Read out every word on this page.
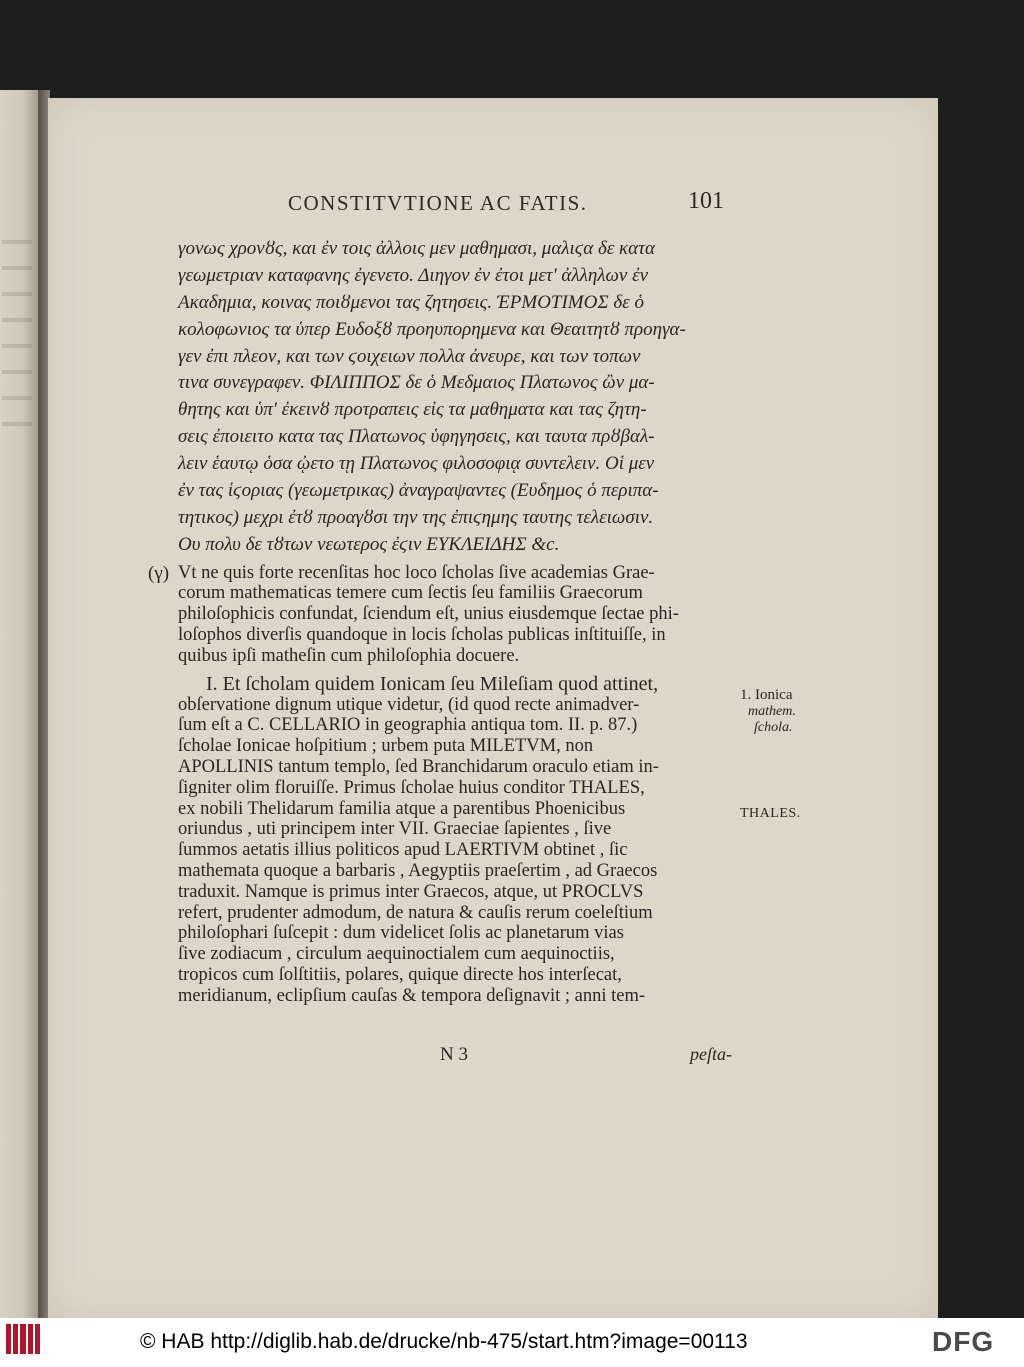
CONSTITVTIONE AC FATIS.	101
γονως χρονȣς, και ἐν τοις ἀλλοις μεν μαθημασι, μαλιϛα δε κατα
γεωμετριαν καταφανης ἐγενετο. Διηγον ἐν ἐτοι μετ' ἀλληλων ἐν
Ακαδημια, κοινας ποιȣμενοι τας ζητησεις. ΈΡΜΟΤΙΜΟΣ δε ὁ
κολοφωνιος τα ὑπερ Ευδοξȣ προηυπορημενα και Θεαιτητȣ προηγα-
γεν ἐπι πλεον, και των ϛοιχειων πολλα ἀνευρε, και των τοπων
τινα συνεγραφεν. ΦΙΛΙΠΠΟΣ δε ὁ Μεδμαιος Πλατωνος ὢν μα-
θητης και ὑπ' ἐκεινȣ προτραπεις εἰς τα μαθηματα και τας ζητη-
σεις ἐποιειτο κατα τας Πλατωνος ὑφηγησεις, και ταυτα πρȣβαλ-
λειν ἑαυτῳ ὁσα ᾠετο τῃ Πλατωνος φιλοσοφιᾳ συντελειν. Οἱ μεν
ἐν τας ἱϛοριας (γεωμετρικας) ἀναγραψαντες (Ευδημος ὁ περιπα-
τητικος) μεχρι ἐτȣ προαγȣσι την της ἐπιϛημης ταυτης τελειωσιν.
Ου πολυ δε τȣτων νεωτερος ἐϛιν ΕΥΚΛΕΙΔΗΣ &c.
(γ) Vt ne quis forte recenſitas hoc loco ſcholas ſive academias Grae-
corum mathematicas temere cum ſectis ſeu familiis Graecorum
philoſophicis confundat, ſciendum eſt, unius eiusdemque ſectae phi-
loſophos diverſis quandoque in locis ſcholas publicas inſtituiſſe, in
quibus ipſi matheſin cum philoſophia docuere.
I. Et ſcholam quidem Ionicam ſeu Mileſiam quod attinet,
obſervatione dignum utique videtur, (id quod recte animadver-
ſum eſt a C. CELLARIO in geographia antiqua tom. II. p. 87.)
ſcholae Ionicae hoſpitium ; urbem puta MILETVM, non
APOLLINIS tantum templo, ſed Branchidarum oraculo etiam in-
ſigniter olim floruiſſe. Primus ſcholae huius conditor THALES,
ex nobili Thelidarum familia atque a parentibus Phoenicibus
oriundus , uti principem inter VII. Graeciae ſapientes , ſive
ſummos aetatis illius politicos apud LAERTIVM obtinet , ſic
mathemata quoque a barbaris , Aegyptiis praeſertim , ad Graecos
traduxit. Namque is primus inter Graecos, atque, ut PROCLVS
refert, prudenter admodum, de natura & cauſis rerum coeleſtium
philoſophari ſuſcepit : dum videlicet ſolis ac planetarum vias
ſive zodiacum , circulum aequinoctialem cum aequinoctiis,
tropicos cum ſolſtitiis, polares, quique directe hos interſecat,
meridianum, eclipſium cauſas & tempora deſignavit ; anni tem-
1. Ionica
mathem.
ſchola.
THALES.
N 3	peſta-
© HAB http://diglib.hab.de/drucke/nb-475/start.htm?image=00113	DFG
